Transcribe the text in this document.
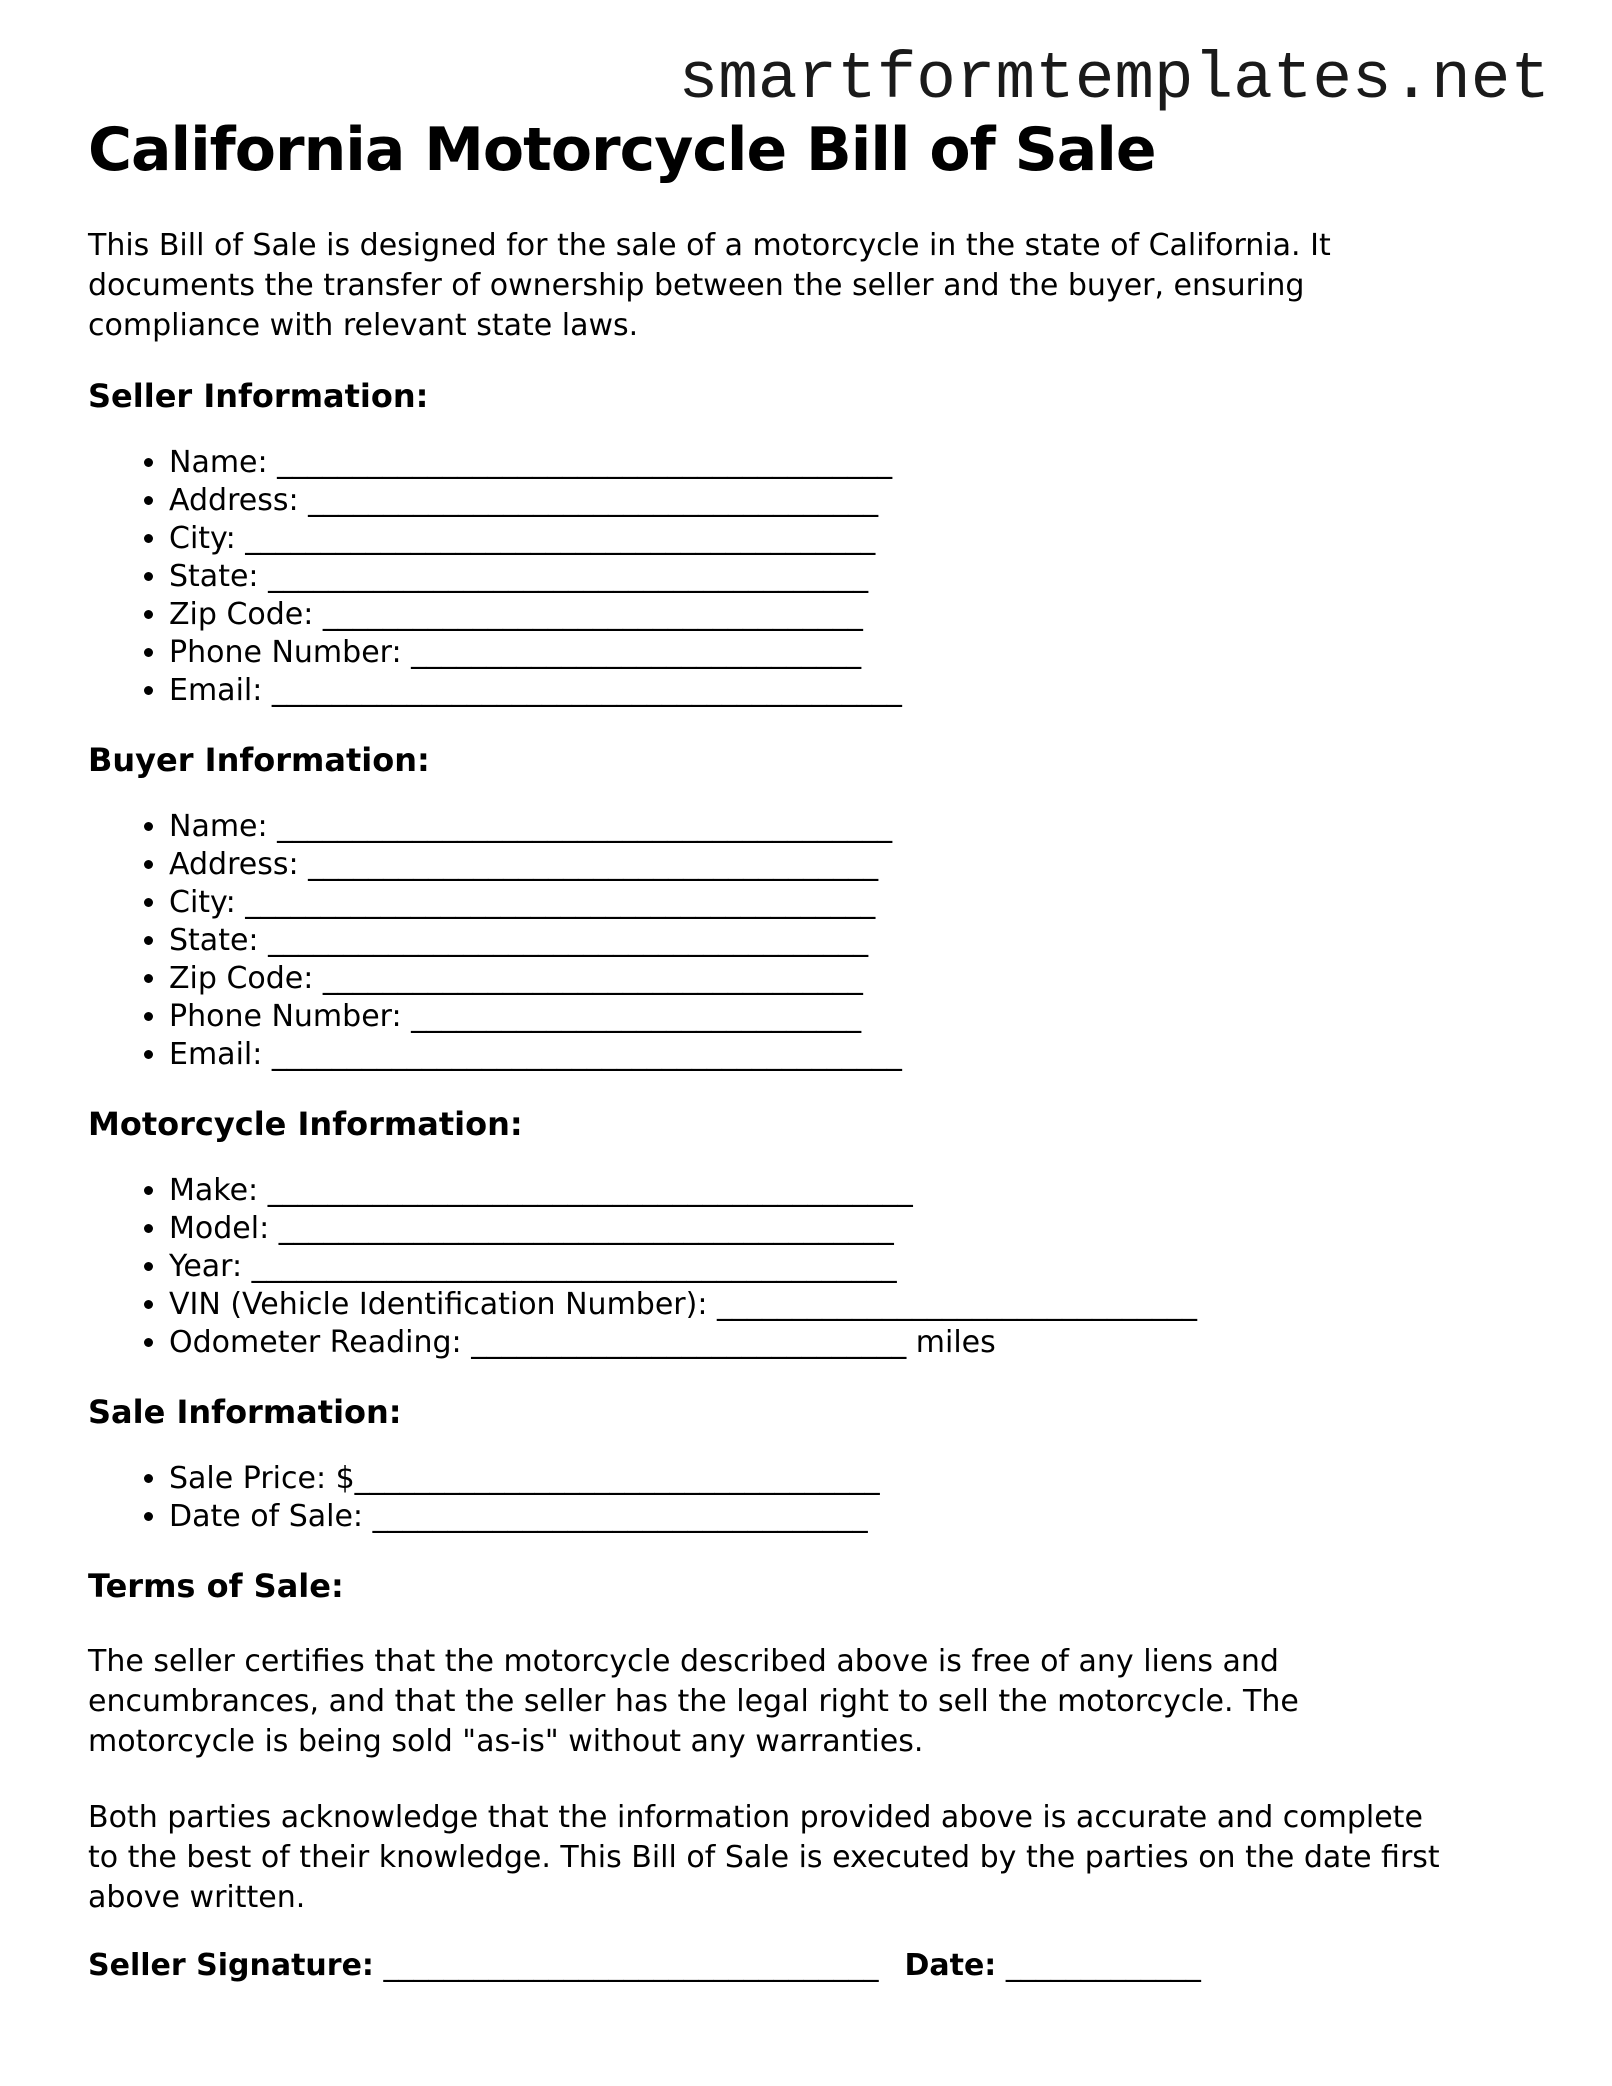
smartformtemplates.net
California Motorcycle Bill of Sale

This Bill of Sale is designed for the sale of a motorcycle in the state of California. It
documents the transfer of ownership between the seller and the buyer, ensuring
compliance with relevant state laws.

Seller Information:
• Name: _________________________________________
• Address: ______________________________________
• City: __________________________________________
• State: ________________________________________
• Zip Code: ____________________________________
• Phone Number: ______________________________
• Email: __________________________________________
Buyer Information:
• Name: _________________________________________
• Address: ______________________________________
• City: __________________________________________
• State: ________________________________________
• Zip Code: ____________________________________
• Phone Number: ______________________________
• Email: __________________________________________
Motorcycle Information:
• Make: ___________________________________________
• Model: _________________________________________
• Year: ___________________________________________
• VIN (Vehicle Identification Number): ________________________________
• Odometer Reading: _____________________________ miles
Sale Information:
• Sale Price: $___________________________________
• Date of Sale: _________________________________
Terms of Sale:

The seller certifies that the motorcycle described above is free of any liens and
encumbrances, and that the seller has the legal right to sell the motorcycle. The
motorcycle is being sold "as-is" without any warranties.

Both parties acknowledge that the information provided above is accurate and complete
to the best of their knowledge. This Bill of Sale is executed by the parties on the date first
above written.

Seller Signature: _________________________________ Date: _____________
